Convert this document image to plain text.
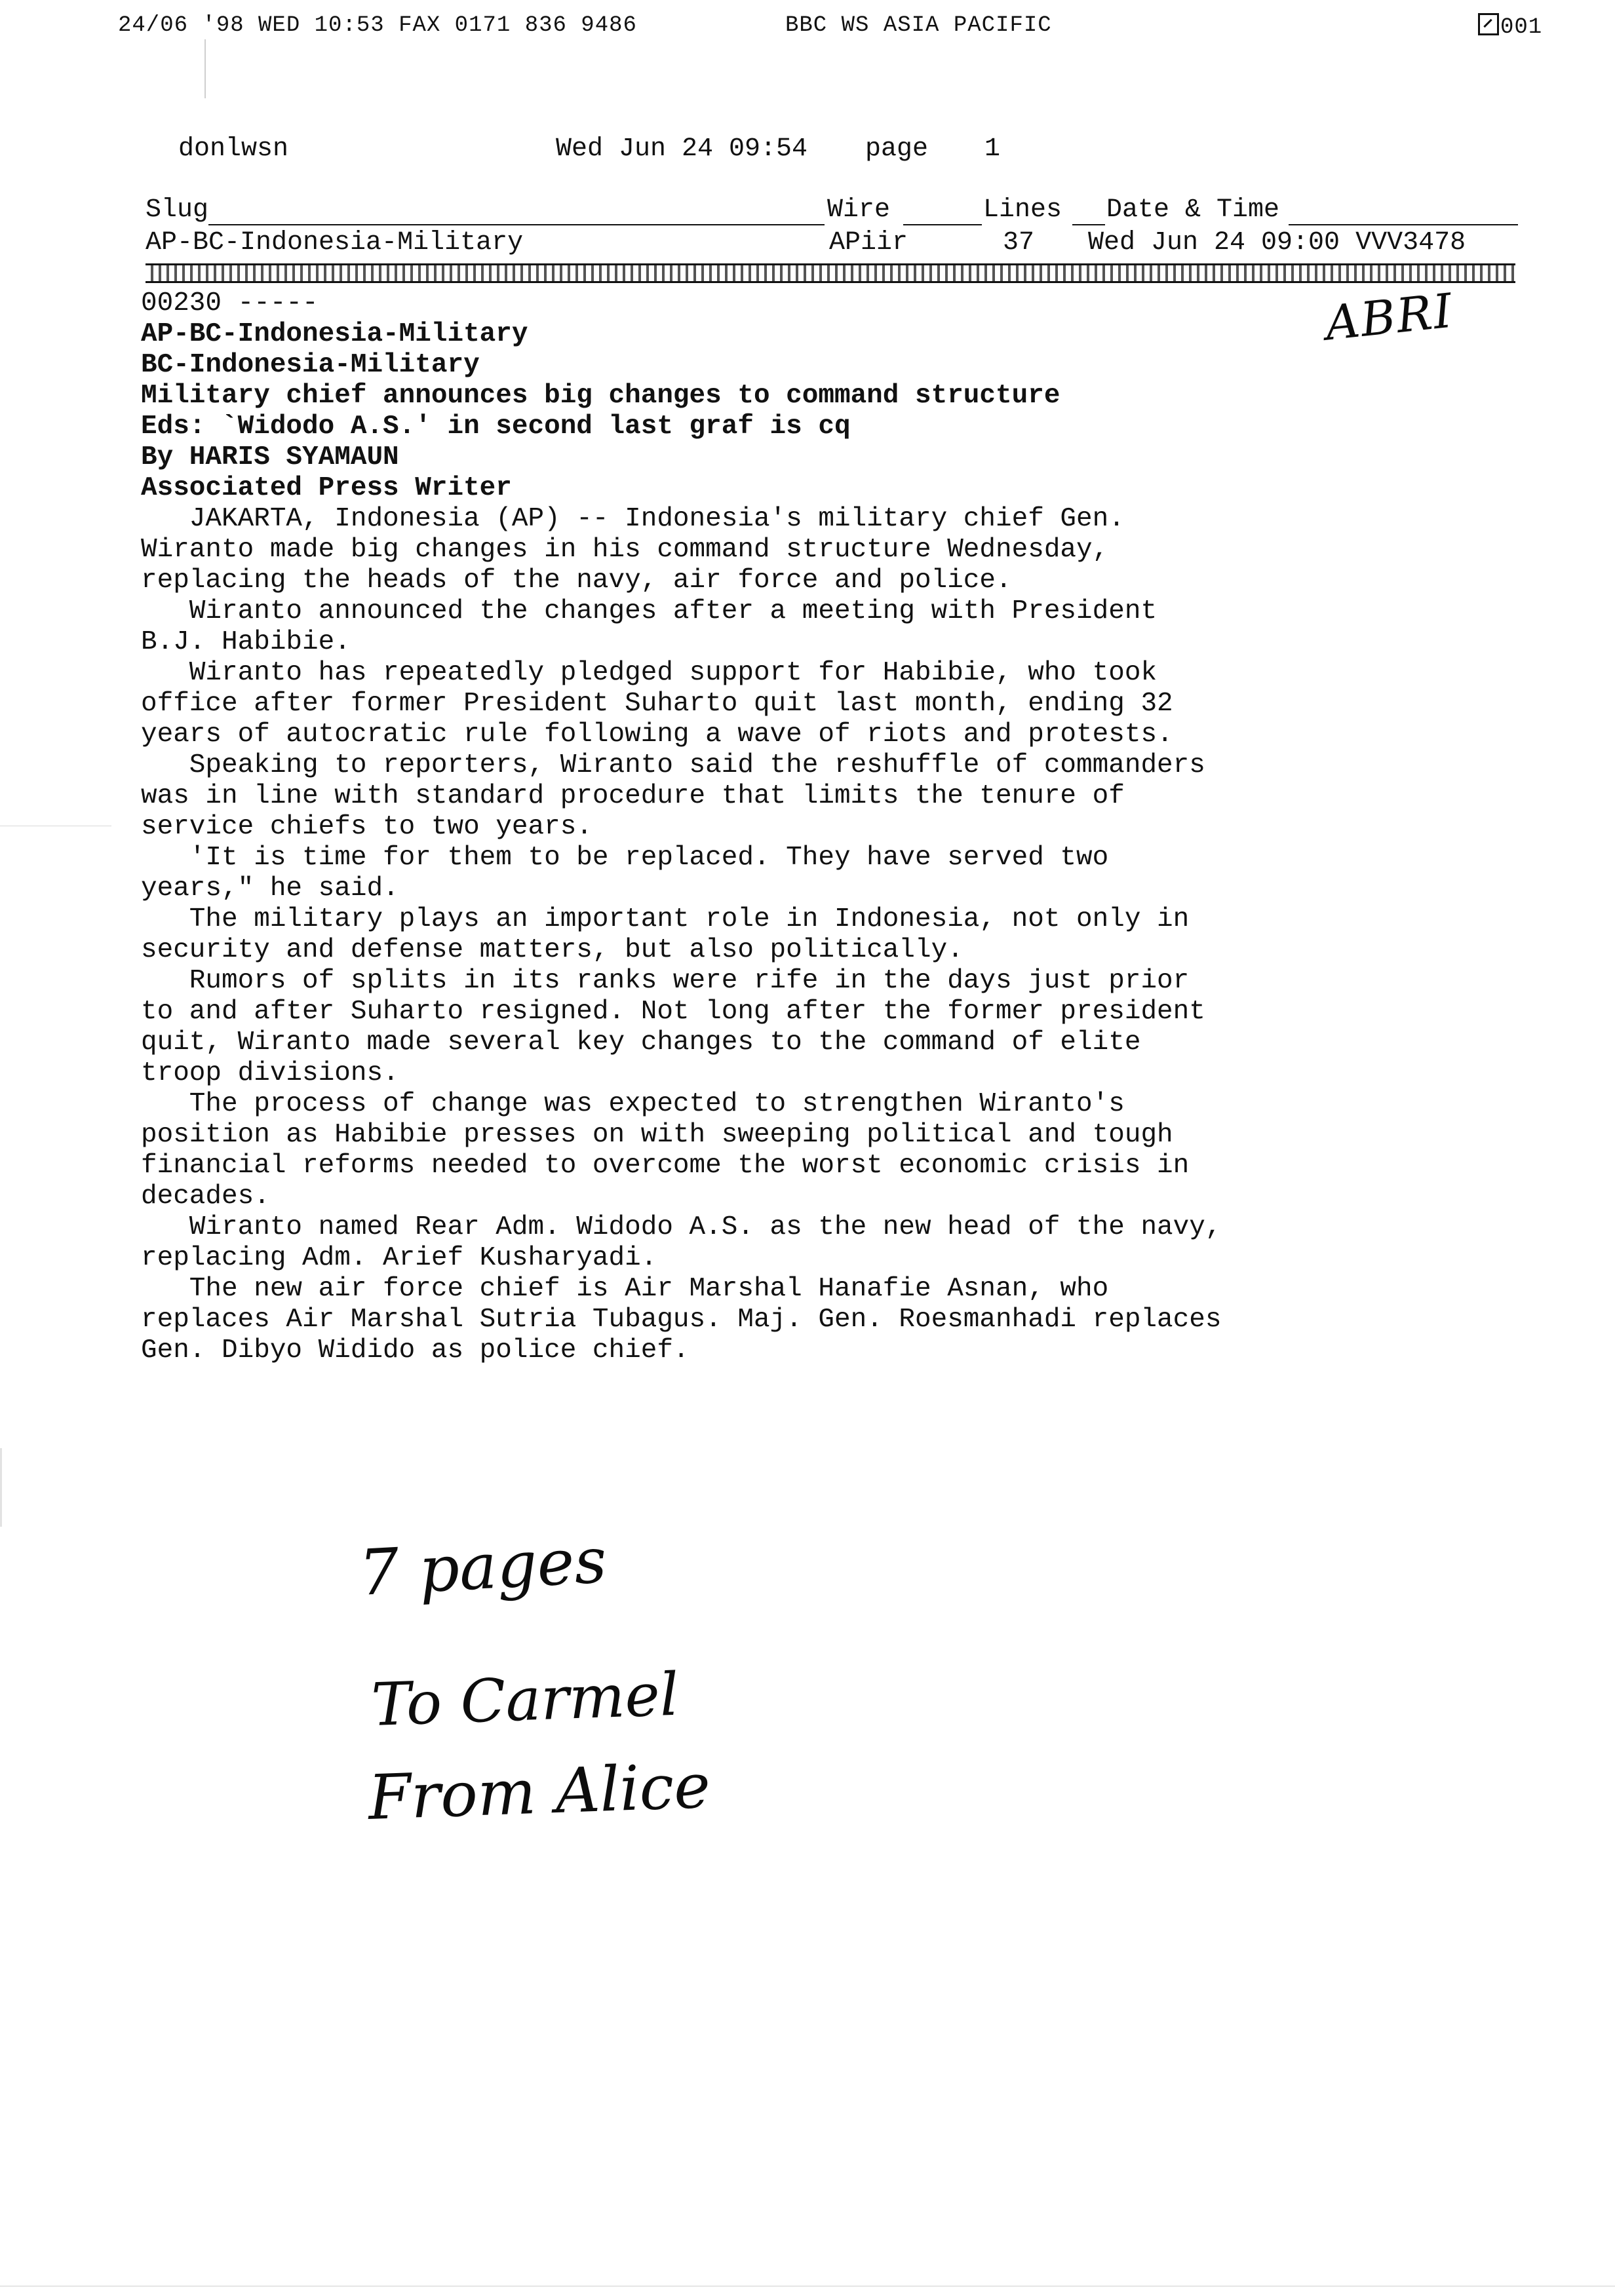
24/06 '98 WED 10:53 FAX 0171 836 9486	BBC WS ASIA PACIFIC	001
donlwsn	Wed Jun 24 09:54 page 1
Slug	Wire	Lines Date & Time
AP-BC-Indonesia-Military	APiir	37 Wed Jun 24 09:00 VVV3478
00230 -----
AP-BC-Indonesia-Military
BC-Indonesia-Military
Military chief announces big changes to command structure
Eds: `Widodo A.S.' in second last graf is cq
By HARIS SYAMAUN
Associated Press Writer
JAKARTA, Indonesia (AP) -- Indonesia's military chief Gen.
Wiranto made big changes in his command structure Wednesday,
replacing the heads of the navy, air force and police.
Wiranto announced the changes after a meeting with President
B.J. Habibie.
Wiranto has repeatedly pledged support for Habibie, who took
office after former President Suharto quit last month, ending 32
years of autocratic rule following a wave of riots and protests.
Speaking to reporters, Wiranto said the reshuffle of commanders
was in line with standard procedure that limits the tenure of
service chiefs to two years.
'It is time for them to be replaced. They have served two
years," he said.
The military plays an important role in Indonesia, not only in
security and defense matters, but also politically.
Rumors of splits in its ranks were rife in the days just prior
to and after Suharto resigned. Not long after the former president
quit, Wiranto made several key changes to the command of elite
troop divisions.
The process of change was expected to strengthen Wiranto's
position as Habibie presses on with sweeping political and tough
financial reforms needed to overcome the worst economic crisis in
decades.
Wiranto named Rear Adm. Widodo A.S. as the new head of the navy,
replacing Adm. Arief Kusharyadi.
The new air force chief is Air Marshal Hanafie Asnan, who
replaces Air Marshal Sutria Tubagus. Maj. Gen. Roesmanhadi replaces
Gen. Dibyo Widido as police chief.
ABRI
7 pages
To Carmel
From Alice
